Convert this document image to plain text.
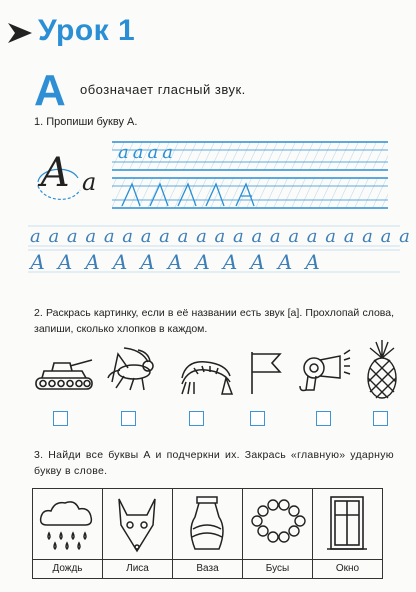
Урок 1
А обозначает гласный звук.
1. Пропиши букву А.
А а
аааа
а а а а а а а а а а а а а а а а а а а а а
А А А А А А А А А А А
2. Раскрась картинку, если в её названии есть звук [а]. Прохлопай слова, запиши, сколько хлопков в каждом.
3. Найди все буквы А и подчеркни их. Закрась «главную» ударную букву в слове.
Дождь	Лиса	Ваза	Бусы	Окно
